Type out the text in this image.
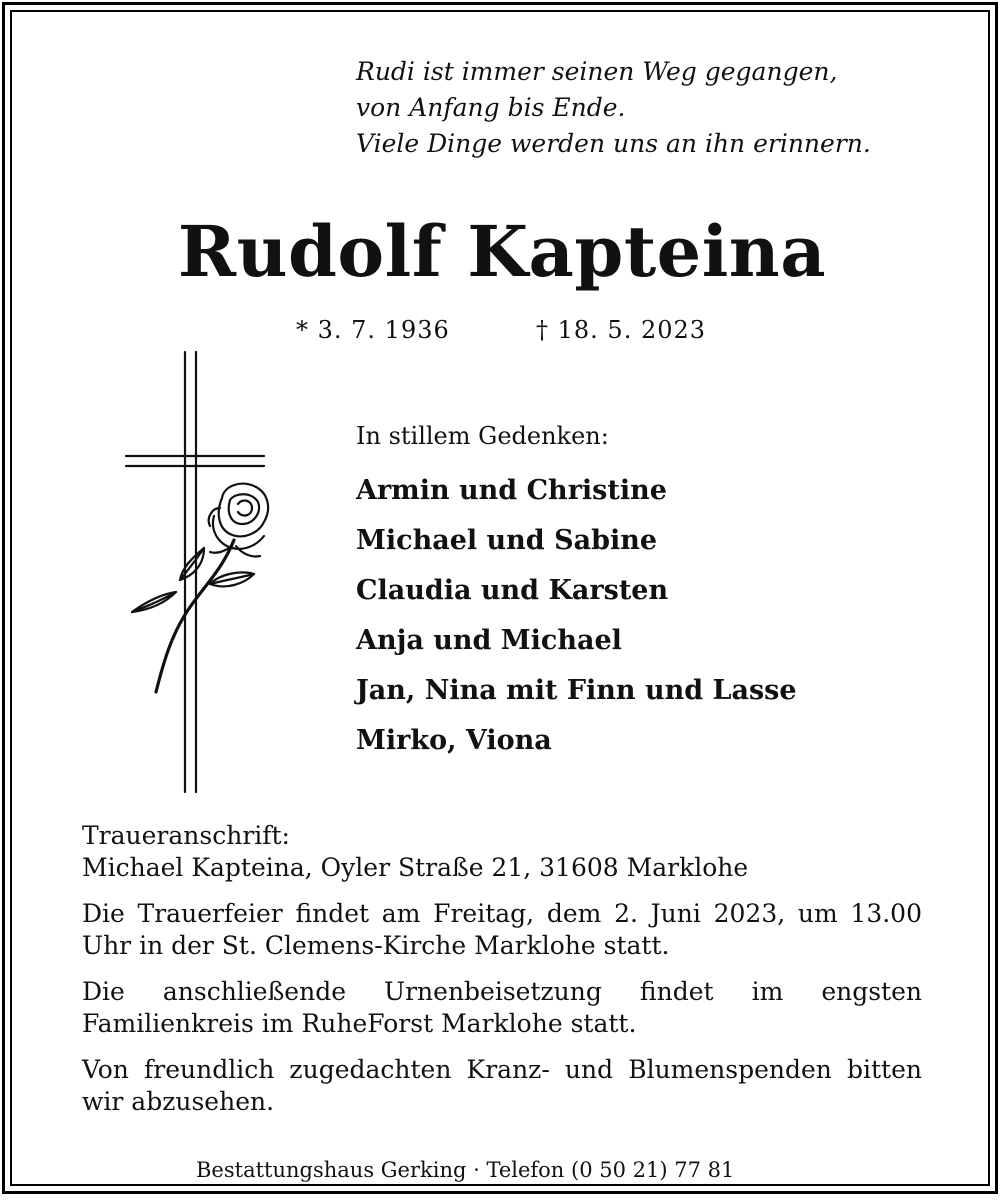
Rudi ist immer seinen Weg gegangen,
von Anfang bis Ende.
Viele Dinge werden uns an ihn erinnern.
Rudolf Kapteina
* 3. 7. 1936	† 18. 5. 2023
In stillem Gedenken:
Armin und Christine
Michael und Sabine
Claudia und Karsten
Anja und Michael
Jan, Nina mit Finn und Lasse
Mirko, Viona
Traueranschrift:
Michael Kapteina, Oyler Straße 21, 31608 Marklohe
Die Trauerfeier findet am Freitag, dem 2. Juni 2023, um 13.00 Uhr in der St. Clemens-Kirche Marklohe statt.
Die anschließende Urnenbeisetzung findet im engsten Familienkreis im RuheForst Marklohe statt.
Von freundlich zugedachten Kranz- und Blumenspenden bitten wir abzusehen.
Bestattungshaus Gerking · Telefon (0 50 21) 77 81
